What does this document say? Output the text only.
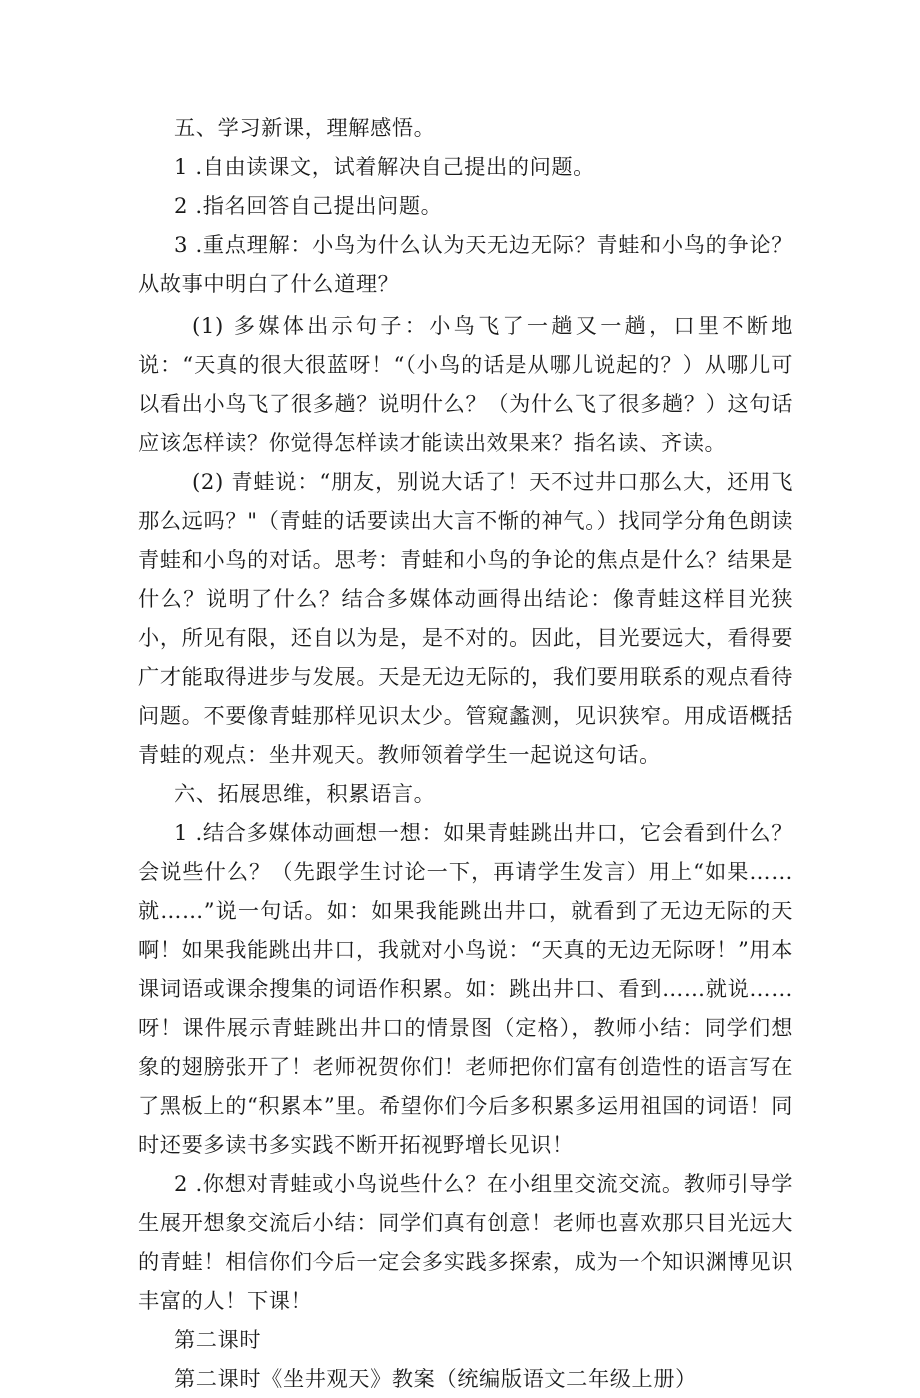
五、学习新课，理解感悟。

1 .自由读课文，试着解决自己提出的问题。

2 .指名回答自己提出问题。

3 .重点理解：小鸟为什么认为天无边无际？青蛙和小鸟的争论？从故事中明白了什么道理？

(1) 多媒体出示句子：小鸟飞了一趟又一趟，口里不断地说：“天真的很大很蓝呀！“（小鸟的话是从哪儿说起的？）从哪儿可以看出小鸟飞了很多趟？说明什么？（为什么飞了很多趟？）这句话应该怎样读？你觉得怎样读才能读出效果来？指名读、齐读。

(2) 青蛙说：“朋友，别说大话了！天不过井口那么大，还用飞那么远吗？"（青蛙的话要读出大言不惭的神气。）找同学分角色朗读青蛙和小鸟的对话。思考：青蛙和小鸟的争论的焦点是什么？结果是什么？说明了什么？结合多媒体动画得出结论：像青蛙这样目光狭小，所见有限，还自以为是，是不对的。因此，目光要远大，看得要广才能取得进步与发展。天是无边无际的，我们要用联系的观点看待问题。不要像青蛙那样见识太少。管窥蠡测，见识狭窄。用成语概括青蛙的观点：坐井观天。教师领着学生一起说这句话。

六、拓展思维，积累语言。

1 .结合多媒体动画想一想：如果青蛙跳出井口，它会看到什么？会说些什么？（先跟学生讨论一下，再请学生发言）用上“如果……就……”说一句话。如：如果我能跳出井口，就看到了无边无际的天啊！如果我能跳出井口，我就对小鸟说：“天真的无边无际呀！”用本课词语或课余搜集的词语作积累。如：跳出井口、看到……就说……呀！课件展示青蛙跳出井口的情景图（定格），教师小结：同学们想象的翅膀张开了！老师祝贺你们！老师把你们富有创造性的语言写在了黑板上的“积累本”里。希望你们今后多积累多运用祖国的词语！同时还要多读书多实践不断开拓视野增长见识！

2 .你想对青蛙或小鸟说些什么？在小组里交流交流。教师引导学生展开想象交流后小结：同学们真有创意！老师也喜欢那只目光远大的青蛙！相信你们今后一定会多实践多探索，成为一个知识渊博见识丰富的人！下课！

第二课时

第二课时《坐井观天》教案（统编版语文二年级上册）
